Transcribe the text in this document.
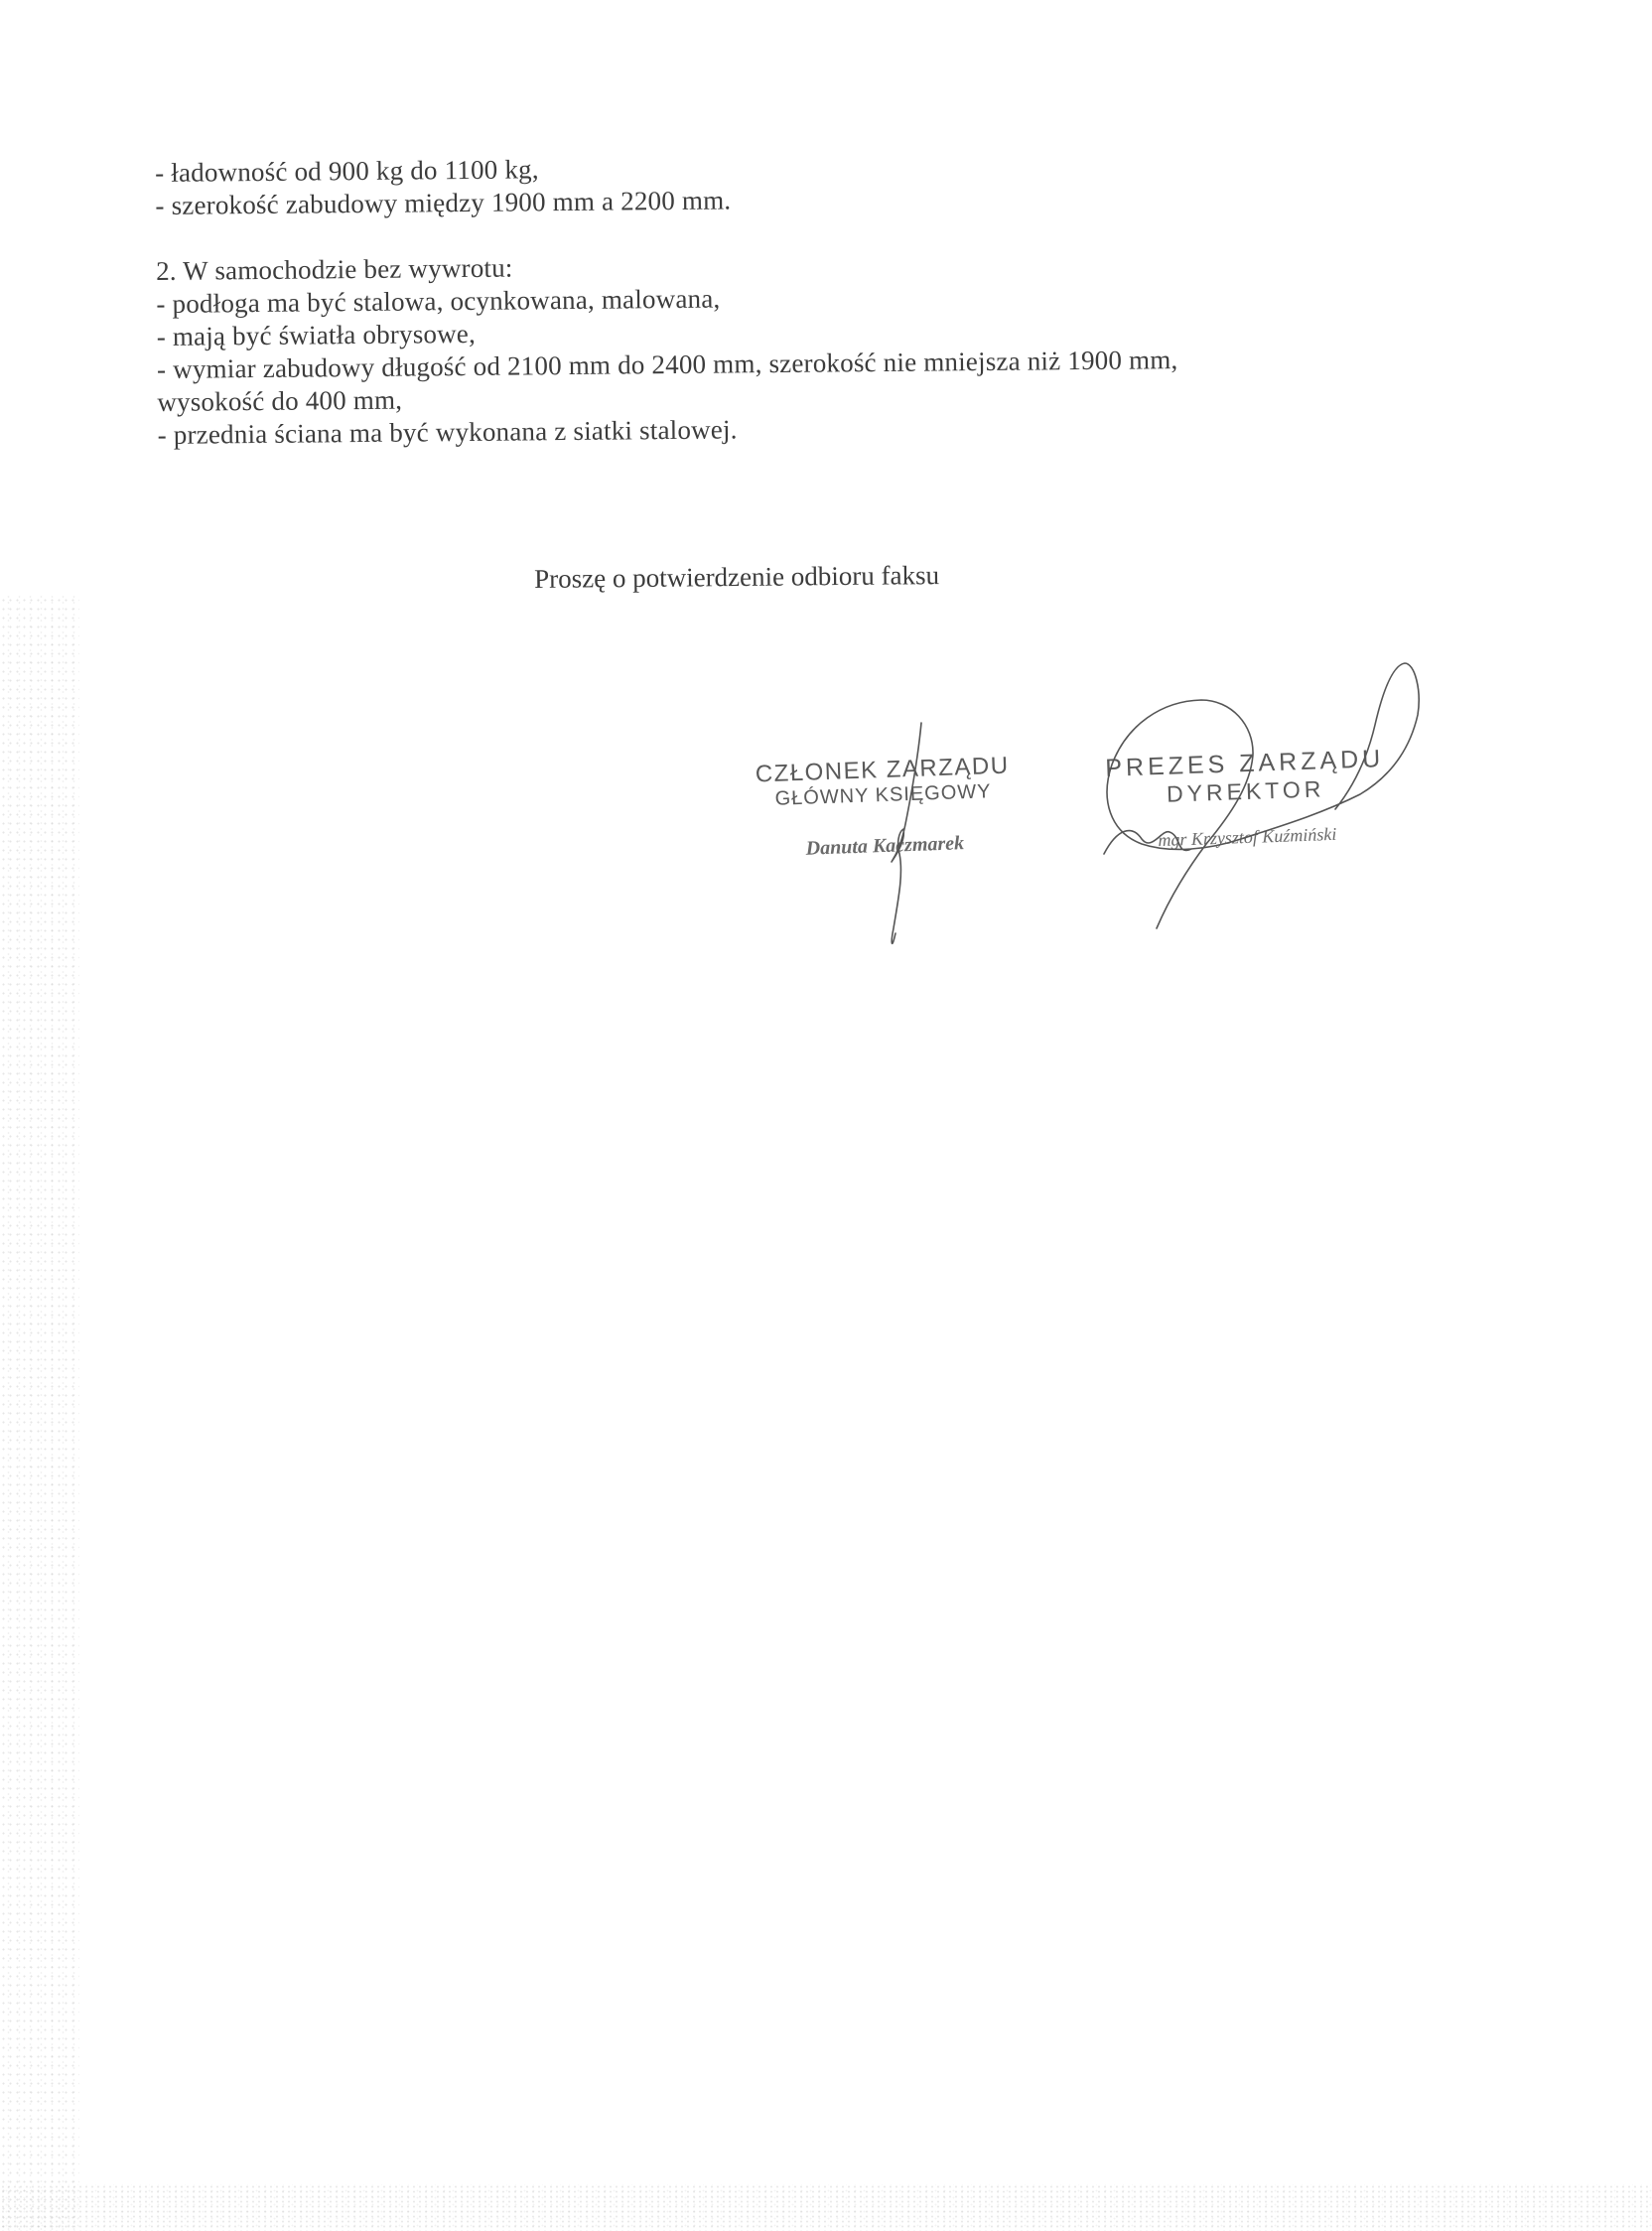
- ładowność od 900 kg do 1100 kg,
- szerokość zabudowy między 1900 mm a 2200 mm.
2. W samochodzie bez wywrotu:
- podłoga ma być stalowa, ocynkowana, malowana,
- mają być światła obrysowe,
- wymiar zabudowy długość od 2100 mm do 2400 mm, szerokość nie mniejsza niż 1900 mm,
wysokość do 400 mm,
- przednia ściana ma być wykonana z siatki stalowej.
Proszę o potwierdzenie odbioru faksu
CZŁONEK ZARZĄDU
GŁÓWNY KSIĘGOWY
Danuta Kaczmarek
PREZES ZARZĄDU
DYREKTOR
mgr Krzysztof Kuźmiński
